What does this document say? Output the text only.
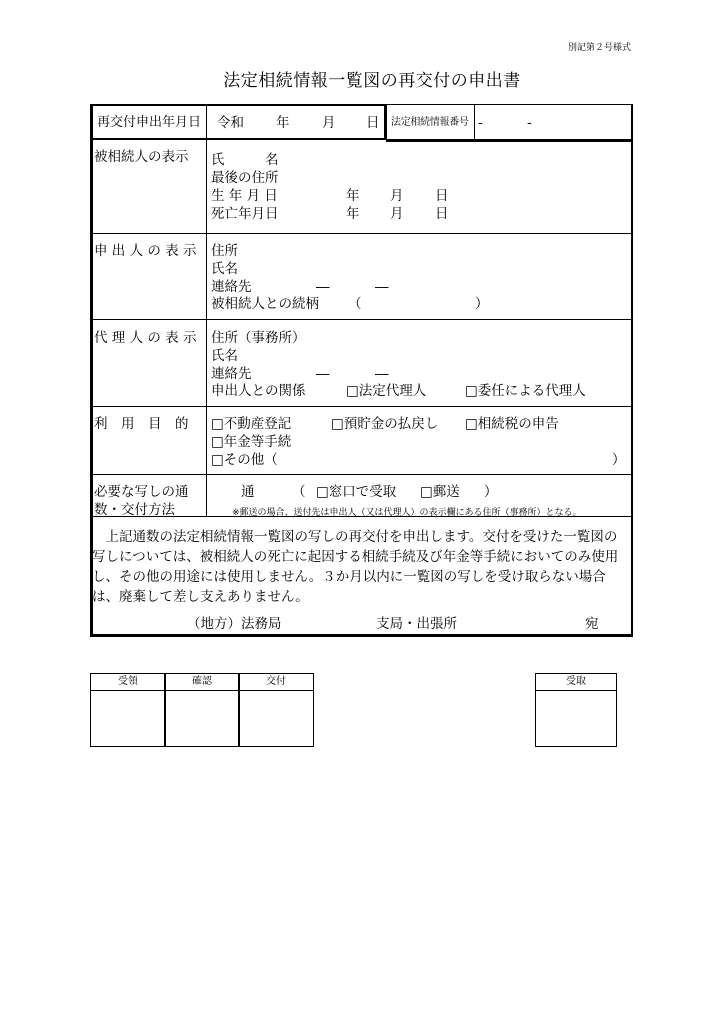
別記第２号様式
法定相続情報一覧図の再交付の申出書
再交付申出年月日 令和 年 月 日 法定相続情報番号 -	-
被相続人の表示 氏　　　名
最後の住所
生 年 月 日	年 月 日
死亡年月日	年 月 日
申 出 人 の 表 示 住所
氏名
連絡先	―	―
被相続人との続柄 （	）
代 理 人 の 表 示 住所（事務所）
氏名
連絡先	―	―
申出人との関係	□法定代理人	□委任による代理人
利　用　目　的 □不動産登記	□預貯金の払戻し □相続税の申告
□年金等手続
□その他（	）
必要な写しの通
数・交付方法
通	（ □窓口で受取 □郵送 ）
※郵送の場合、送付先は申出人（又は代理人）の表示欄にある住所（事務所）となる。
　上記通数の法定相続情報一覧図の写しの再交付を申出します。交付を受けた一覧図の写しについては、被相続人の死亡に起因する相続手続及び年金等手続においてのみ使用し、その他の用途には使用しません。３か月以内に一覧図の写しを受け取らない場合は、廃棄して差し支えありません。
（地方）法務局	支局・出張所	宛
受領	確認	交付	受取
